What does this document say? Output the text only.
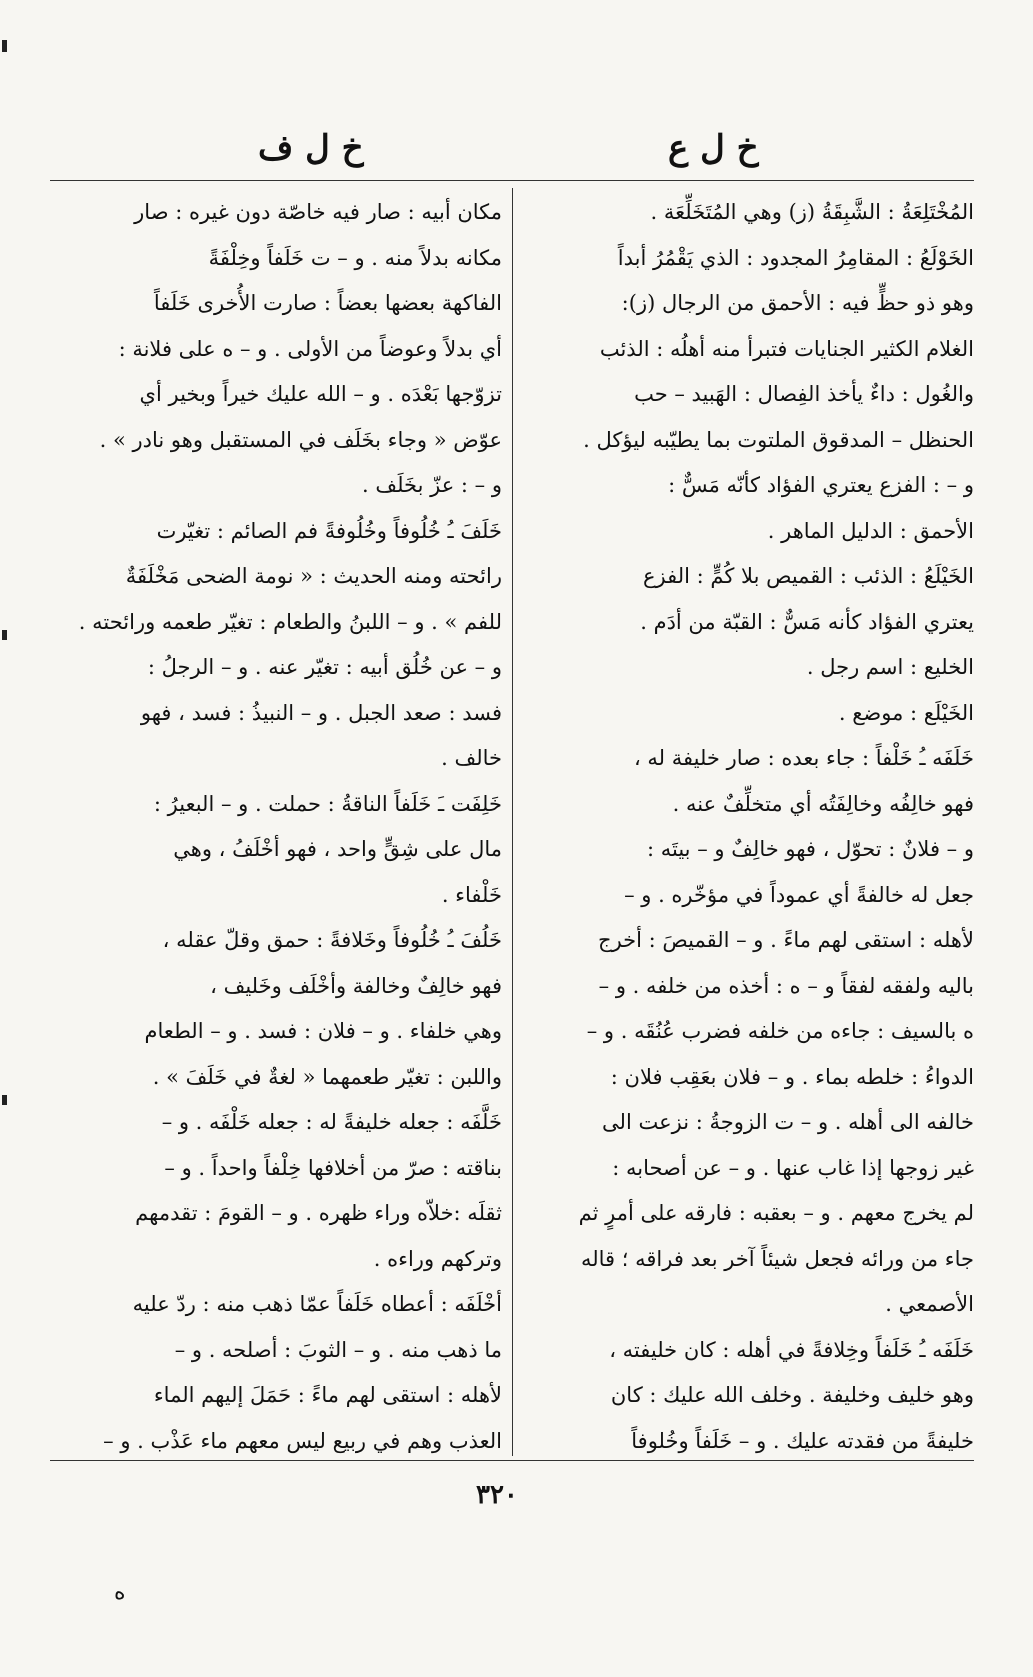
خ ل ع
خ ل ف
المُخْتَلِعَةُ : الشَّبِقَةُ (ز) وهي المُتَخَلِّعَة .
الخَوْلَعُ : المقامِرُ المجدود : الذي يَقْمُرُ أبداً
وهو ذو حظٍّ فيه : الأحمق من الرجال (ز):
الغلام الكثير الجنايات فتبرأ منه أهلُه : الذئب
والغُول : داءٌ يأخذ الفِصال : الهَبيد – حب
الحنظل – المدقوق الملتوت بما يطيّبه ليؤكل .
و – : الفزع يعتري الفؤاد كأنّه مَسٌّ :
الأحمق : الدليل الماهر .
الخَيْلَعُ : الذئب : القميص بلا كُمٍّ : الفزع
يعتري الفؤاد كأنه مَسٌّ : القبّة من أدَم .
الخليع : اسم رجل .
الخَيْلَع : موضع .
خَلَفَه ـُ خَلْفاً : جاء بعده : صار خليفة له ،
فهو خالِفُه وخالِفَتُه أي متخلِّفٌ عنه .
و – فلانٌ : تحوّل ، فهو خالِفٌ و – بيتَه :
جعل له خالفةً أي عموداً في مؤخّره . و –
لأهله : استقى لهم ماءً . و – القميصَ : أخرج
باليه ولفقه لفقاً و – ه : أخذه من خلفه . و –
ه بالسيف : جاءه من خلفه فضرب عُنُقَه . و –
الدواءُ : خلطه بماء . و – فلان بعَقِب فلان :
خالفه الى أهله . و – ت الزوجةُ : نزعت الى
غير زوجها إذا غاب عنها . و – عن أصحابه :
لم يخرج معهم . و – بعقبه : فارقه على أمرٍ ثم
جاء من ورائه فجعل شيئاً آخر بعد فراقه ؛ قاله
الأصمعي .
خَلَفَه ـُ خَلَفاً وخِلافةً في أهله : كان خليفته ،
وهو خليف وخليفة . وخلف الله عليك : كان
خليفةً من فقدته عليك . و – خَلَفاً وخُلوفاً
مكان أبيه : صار فيه خاصّة دون غيره : صار
مكانه بدلاً منه . و – ت خَلَفاً وخِلْفَةً
الفاكهة بعضها بعضاً : صارت الأُخرى خَلَفاً
أي بدلاً وعوضاً من الأولى . و – ه على فلانة :
تزوّجها بَعْدَه . و – الله عليك خيراً وبخير أي
عوّض « وجاء بخَلَف في المستقبل وهو نادر » .
و – : عزّ بخَلَف .
خَلَفَ ـُ خُلُوفاً وخُلُوفةً فم الصائم : تغيّرت
رائحته ومنه الحديث : « نومة الضحى مَخْلَفَةٌ
للفم » . و – اللبنُ والطعام : تغيّر طعمه ورائحته .
و – عن خُلُق أبيه : تغيّر عنه . و – الرجلُ :
فسد : صعد الجبل . و – النبيذُ : فسد ، فهو
خالف .
خَلِفَت ـَ خَلَفاً الناقةُ : حملت . و – البعيرُ :
مال على شِقٍّ واحد ، فهو أخْلَفُ ، وهي
خَلْفاء .
خَلُفَ ـُ خُلُوفاً وخَلافةً : حمق وقلّ عقله ،
فهو خالِفٌ وخالفة وأخْلَف وخَليف ،
وهي خلفاء . و – فلان : فسد . و – الطعام
واللبن : تغيّر طعمهما « لغةٌ في خَلَفَ » .
خَلَّفَه : جعله خليفةً له : جعله خَلْفَه . و –
بناقته : صرّ من أخلافها خِلْفاً واحداً . و –
ثقلَه :خلاّه وراء ظهره . و – القومَ : تقدمهم
وتركهم وراءه .
أخْلَفَه : أعطاه خَلَفاً عمّا ذهب منه : ردّ عليه
ما ذهب منه . و – الثوبَ : أصلحه . و –
لأهله : استقى لهم ماءً : حَمَلَ إليهم الماء
العذب وهم في ربيع ليس معهم ماء عَذْب . و –
٣٢٠
ه
